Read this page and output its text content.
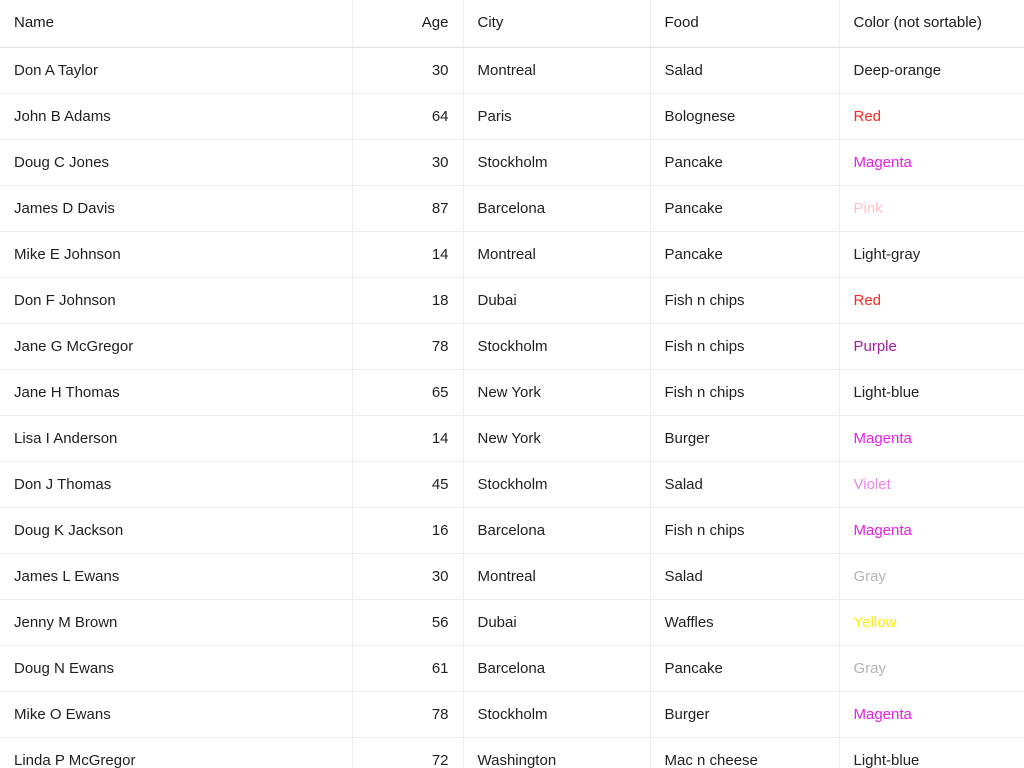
Name	Age	City	Food	Color (not sortable)
Don A Taylor	30	Montreal	Salad	Deep-orange
John B Adams	64	Paris	Bolognese	Red
Doug C Jones	30	Stockholm	Pancake	Magenta
James D Davis	87	Barcelona	Pancake	Pink
Mike E Johnson	14	Montreal	Pancake	Light-gray
Don F Johnson	18	Dubai	Fish n chips	Red
Jane G McGregor	78	Stockholm	Fish n chips	Purple
Jane H Thomas	65	New York	Fish n chips	Light-blue
Lisa I Anderson	14	New York	Burger	Magenta
Don J Thomas	45	Stockholm	Salad	Violet
Doug K Jackson	16	Barcelona	Fish n chips	Magenta
James L Ewans	30	Montreal	Salad	Gray
Jenny M Brown	56	Dubai	Waffles	Yellow
Doug N Ewans	61	Barcelona	Pancake	Gray
Mike O Ewans	78	Stockholm	Burger	Magenta
Linda P McGregor	72	Washington	Mac n cheese	Light-blue
